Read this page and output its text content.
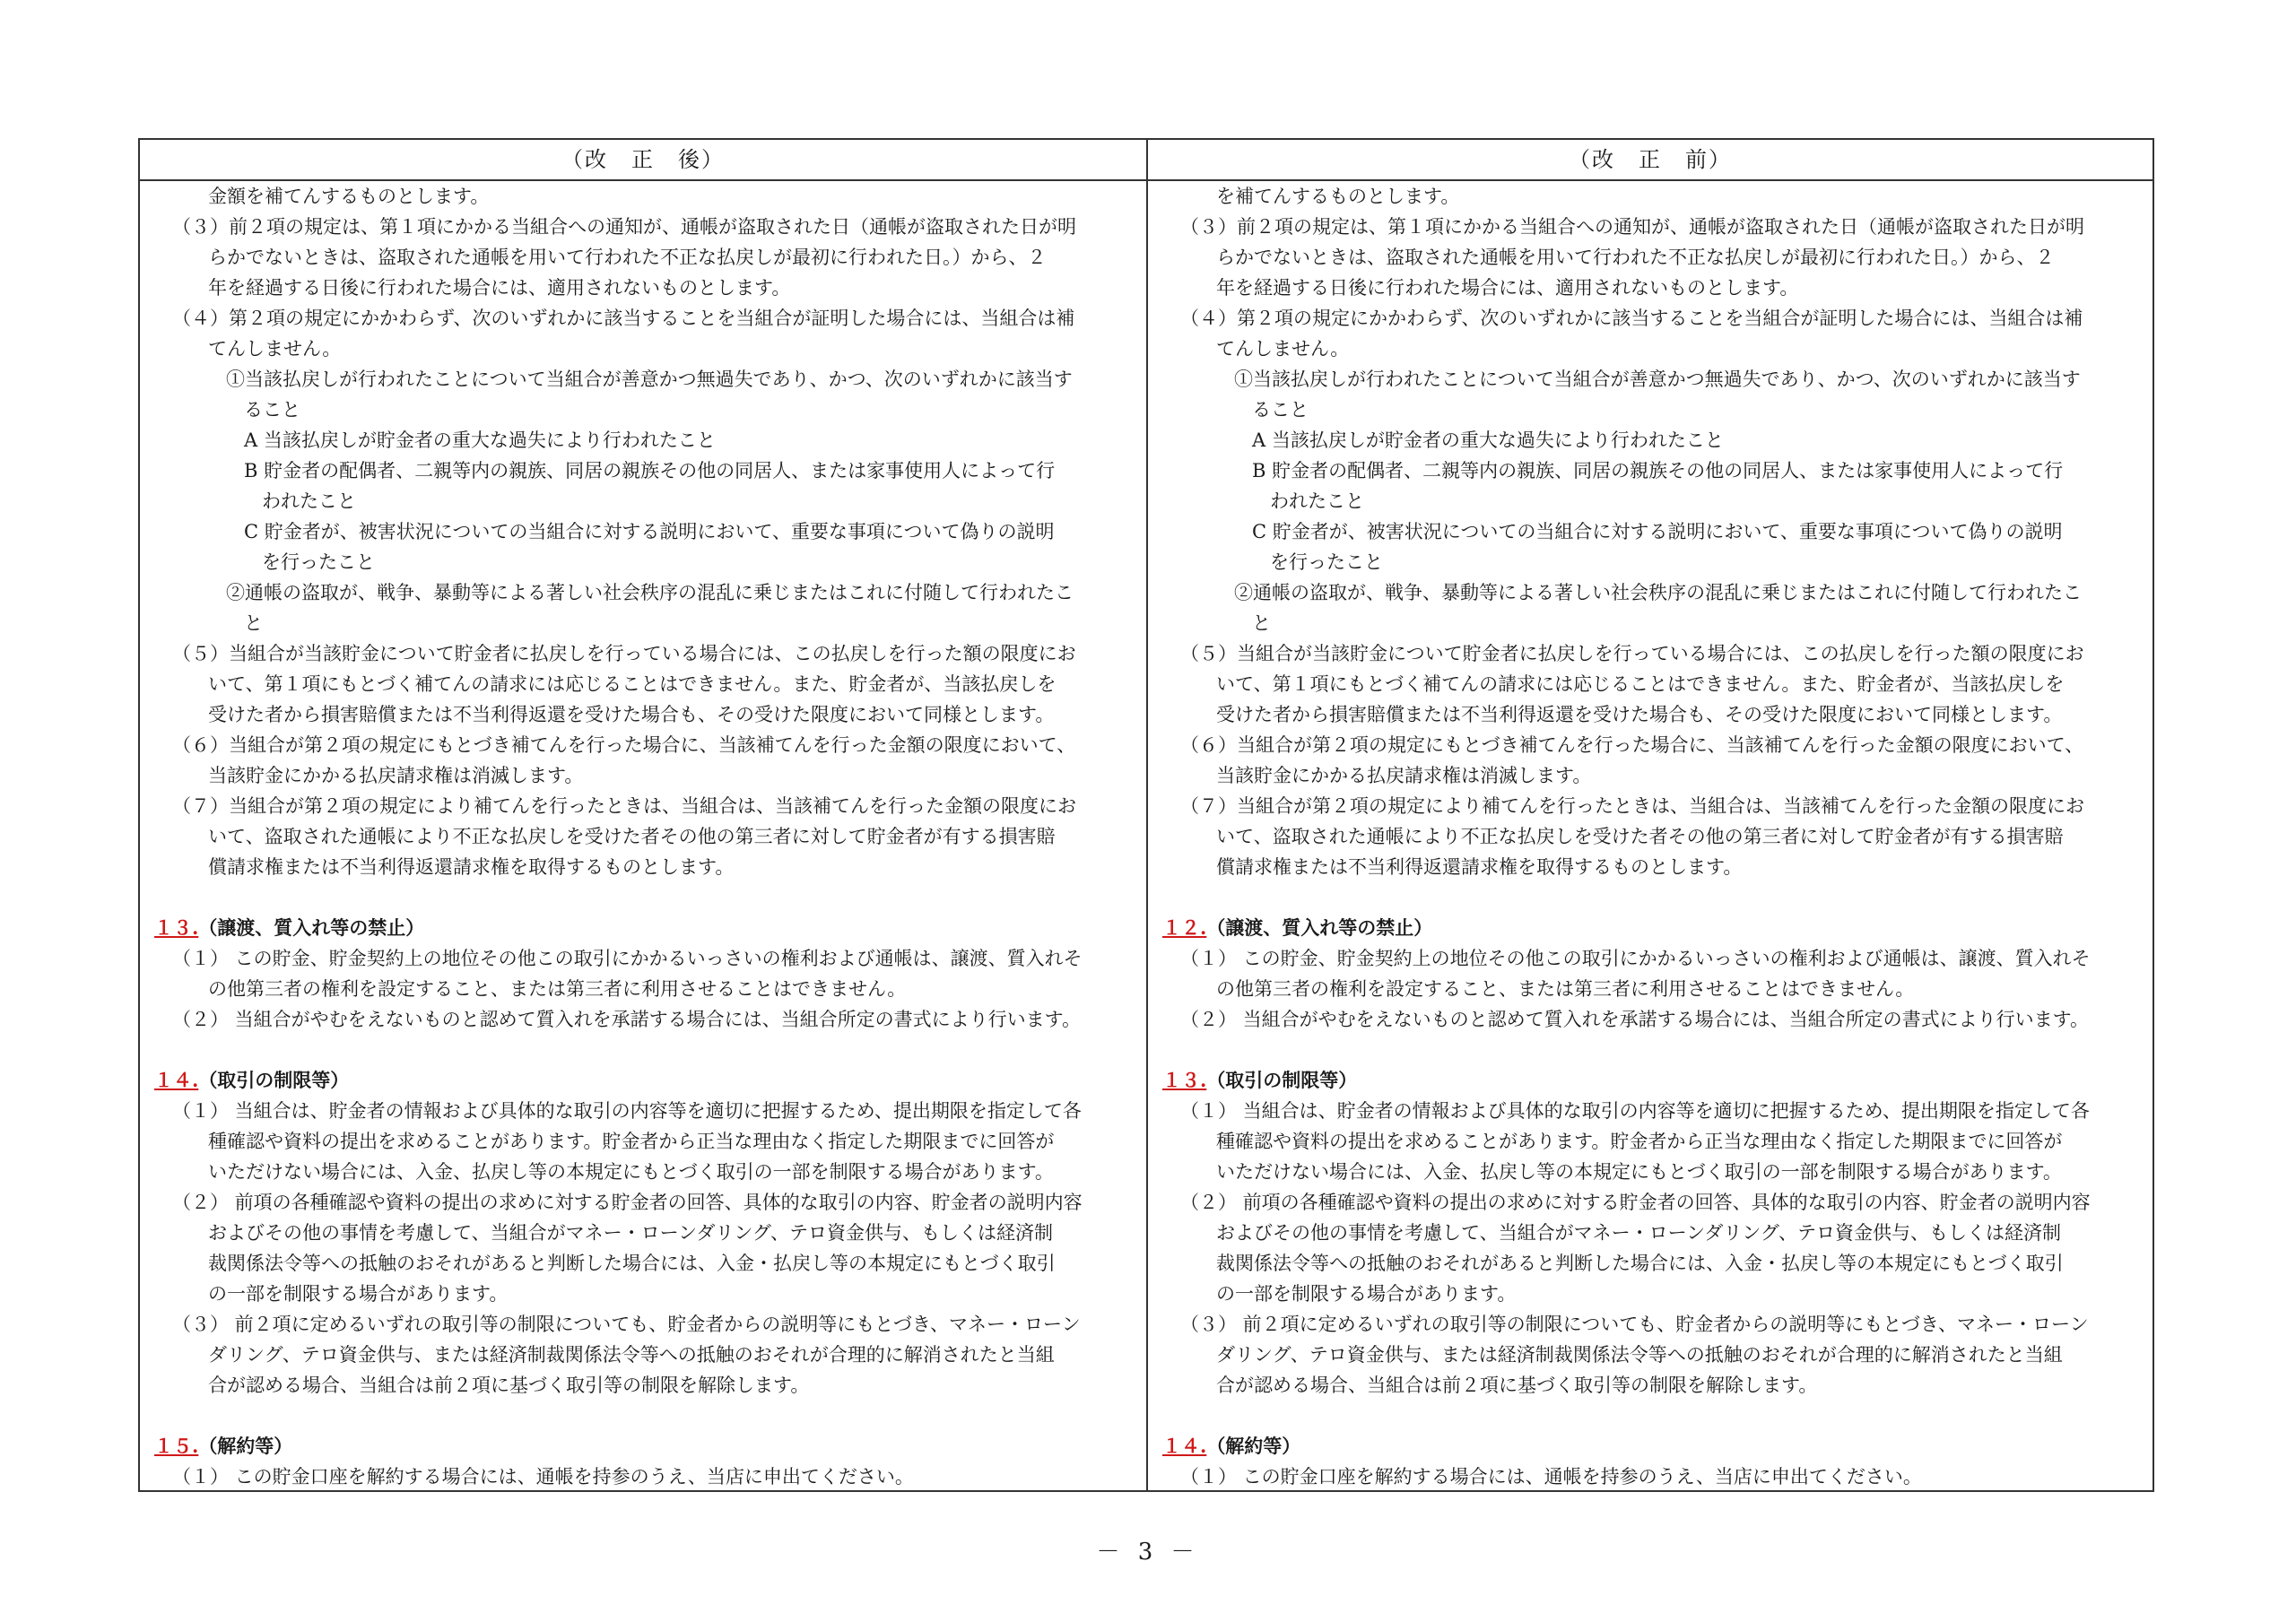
（改　正　後）
金額を補てんするものとします。
（３）前２項の規定は、第１項にかかる当組合への通知が、通帳が盗取された日（通帳が盗取された日が明
らかでないときは、盗取された通帳を用いて行われた不正な払戻しが最初に行われた日。）から、２
年を経過する日後に行われた場合には、適用されないものとします。
（４）第２項の規定にかかわらず、次のいずれかに該当することを当組合が証明した場合には、当組合は補
てんしません。
①当該払戻しが行われたことについて当組合が善意かつ無過失であり、かつ、次のいずれかに該当す
ること
A 当該払戻しが貯金者の重大な過失により行われたこと
B 貯金者の配偶者、二親等内の親族、同居の親族その他の同居人、または家事使用人によって行
われたこと
C 貯金者が、被害状況についての当組合に対する説明において、重要な事項について偽りの説明
を行ったこと
②通帳の盗取が、戦争、暴動等による著しい社会秩序の混乱に乗じまたはこれに付随して行われたこ
と
（５）当組合が当該貯金について貯金者に払戻しを行っている場合には、この払戻しを行った額の限度にお
いて、第１項にもとづく補てんの請求には応じることはできません。また、貯金者が、当該払戻しを
受けた者から損害賠償または不当利得返還を受けた場合も、その受けた限度において同様とします。
（６）当組合が第２項の規定にもとづき補てんを行った場合に、当該補てんを行った金額の限度において、
当該貯金にかかる払戻請求権は消滅します。
（７）当組合が第２項の規定により補てんを行ったときは、当組合は、当該補てんを行った金額の限度にお
いて、盗取された通帳により不正な払戻しを受けた者その他の第三者に対して貯金者が有する損害賠
償請求権または不当利得返還請求権を取得するものとします。
１３.（譲渡、質入れ等の禁止）
（１） この貯金、貯金契約上の地位その他この取引にかかるいっさいの権利および通帳は、譲渡、質入れそ
の他第三者の権利を設定すること、または第三者に利用させることはできません。
（２） 当組合がやむをえないものと認めて質入れを承諾する場合には、当組合所定の書式により行います。
１４.（取引の制限等）
（１） 当組合は、貯金者の情報および具体的な取引の内容等を適切に把握するため、提出期限を指定して各
種確認や資料の提出を求めることがあります。貯金者から正当な理由なく指定した期限までに回答が
いただけない場合には、入金、払戻し等の本規定にもとづく取引の一部を制限する場合があります。
（２） 前項の各種確認や資料の提出の求めに対する貯金者の回答、具体的な取引の内容、貯金者の説明内容
およびその他の事情を考慮して、当組合がマネー・ローンダリング、テロ資金供与、もしくは経済制
裁関係法令等への抵触のおそれがあると判断した場合には、入金・払戻し等の本規定にもとづく取引
の一部を制限する場合があります。
（３） 前２項に定めるいずれの取引等の制限についても、貯金者からの説明等にもとづき、マネー・ローン
ダリング、テロ資金供与、または経済制裁関係法令等への抵触のおそれが合理的に解消されたと当組
合が認める場合、当組合は前２項に基づく取引等の制限を解除します。
１５.（解約等）
（１） この貯金口座を解約する場合には、通帳を持参のうえ、当店に申出てください。
（改　正　前）
を補てんするものとします。
（３）前２項の規定は、第１項にかかる当組合への通知が、通帳が盗取された日（通帳が盗取された日が明
らかでないときは、盗取された通帳を用いて行われた不正な払戻しが最初に行われた日。）から、２
年を経過する日後に行われた場合には、適用されないものとします。
（４）第２項の規定にかかわらず、次のいずれかに該当することを当組合が証明した場合には、当組合は補
てんしません。
①当該払戻しが行われたことについて当組合が善意かつ無過失であり、かつ、次のいずれかに該当す
ること
A 当該払戻しが貯金者の重大な過失により行われたこと
B 貯金者の配偶者、二親等内の親族、同居の親族その他の同居人、または家事使用人によって行
われたこと
C 貯金者が、被害状況についての当組合に対する説明において、重要な事項について偽りの説明
を行ったこと
②通帳の盗取が、戦争、暴動等による著しい社会秩序の混乱に乗じまたはこれに付随して行われたこ
と
（５）当組合が当該貯金について貯金者に払戻しを行っている場合には、この払戻しを行った額の限度にお
いて、第１項にもとづく補てんの請求には応じることはできません。また、貯金者が、当該払戻しを
受けた者から損害賠償または不当利得返還を受けた場合も、その受けた限度において同様とします。
（６）当組合が第２項の規定にもとづき補てんを行った場合に、当該補てんを行った金額の限度において、
当該貯金にかかる払戻請求権は消滅します。
（７）当組合が第２項の規定により補てんを行ったときは、当組合は、当該補てんを行った金額の限度にお
いて、盗取された通帳により不正な払戻しを受けた者その他の第三者に対して貯金者が有する損害賠
償請求権または不当利得返還請求権を取得するものとします。
１２.（譲渡、質入れ等の禁止）
（１） この貯金、貯金契約上の地位その他この取引にかかるいっさいの権利および通帳は、譲渡、質入れそ
の他第三者の権利を設定すること、または第三者に利用させることはできません。
（２） 当組合がやむをえないものと認めて質入れを承諾する場合には、当組合所定の書式により行います。
１３.（取引の制限等）
（１） 当組合は、貯金者の情報および具体的な取引の内容等を適切に把握するため、提出期限を指定して各
種確認や資料の提出を求めることがあります。貯金者から正当な理由なく指定した期限までに回答が
いただけない場合には、入金、払戻し等の本規定にもとづく取引の一部を制限する場合があります。
（２） 前項の各種確認や資料の提出の求めに対する貯金者の回答、具体的な取引の内容、貯金者の説明内容
およびその他の事情を考慮して、当組合がマネー・ローンダリング、テロ資金供与、もしくは経済制
裁関係法令等への抵触のおそれがあると判断した場合には、入金・払戻し等の本規定にもとづく取引
の一部を制限する場合があります。
（３） 前２項に定めるいずれの取引等の制限についても、貯金者からの説明等にもとづき、マネー・ローン
ダリング、テロ資金供与、または経済制裁関係法令等への抵触のおそれが合理的に解消されたと当組
合が認める場合、当組合は前２項に基づく取引等の制限を解除します。
１４.（解約等）
（１） この貯金口座を解約する場合には、通帳を持参のうえ、当店に申出てください。
－ 3 －
